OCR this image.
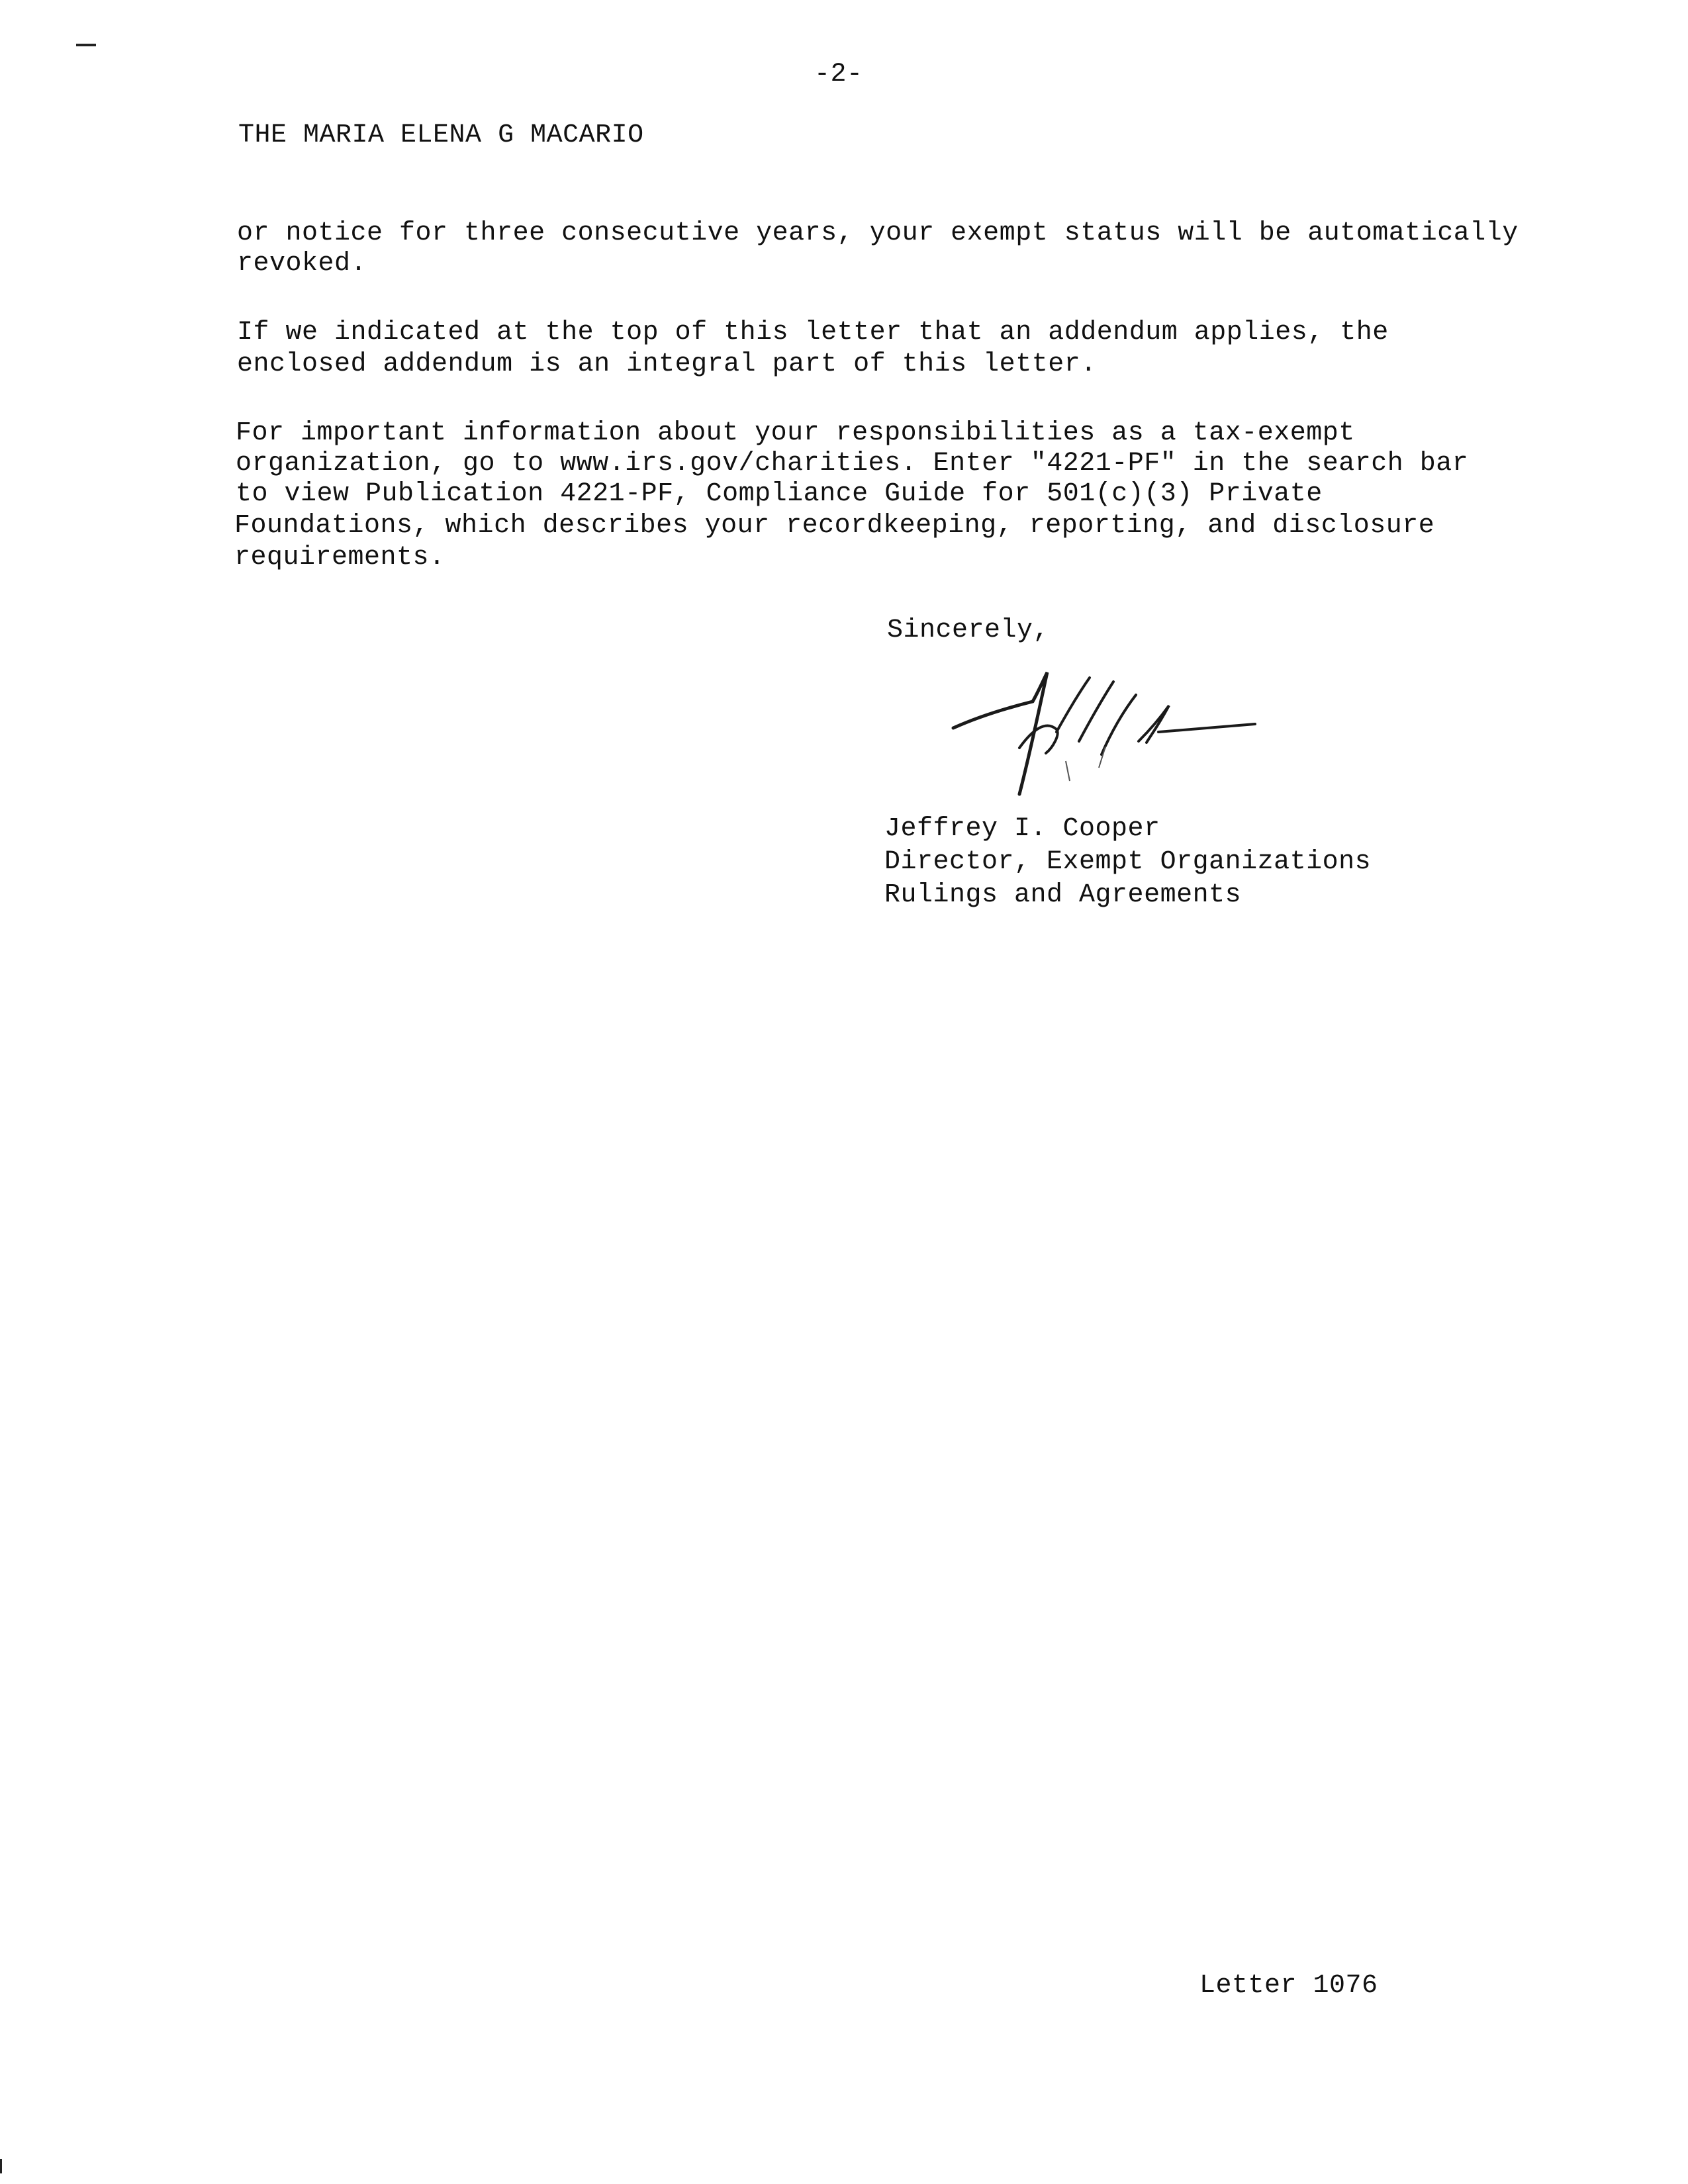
-2-
THE MARIA ELENA G MACARIO
or notice for three consecutive years, your exempt status will be automatically
revoked.
If we indicated at the top of this letter that an addendum applies, the
enclosed addendum is an integral part of this letter.
For important information about your responsibilities as a tax-exempt
organization, go to www.irs.gov/charities. Enter "4221-PF" in the search bar
to view Publication 4221-PF, Compliance Guide for 501(c)(3) Private
Foundations, which describes your recordkeeping, reporting, and disclosure
requirements.
Sincerely,
Jeffrey I. Cooper
Director, Exempt Organizations
Rulings and Agreements
Letter 1076
